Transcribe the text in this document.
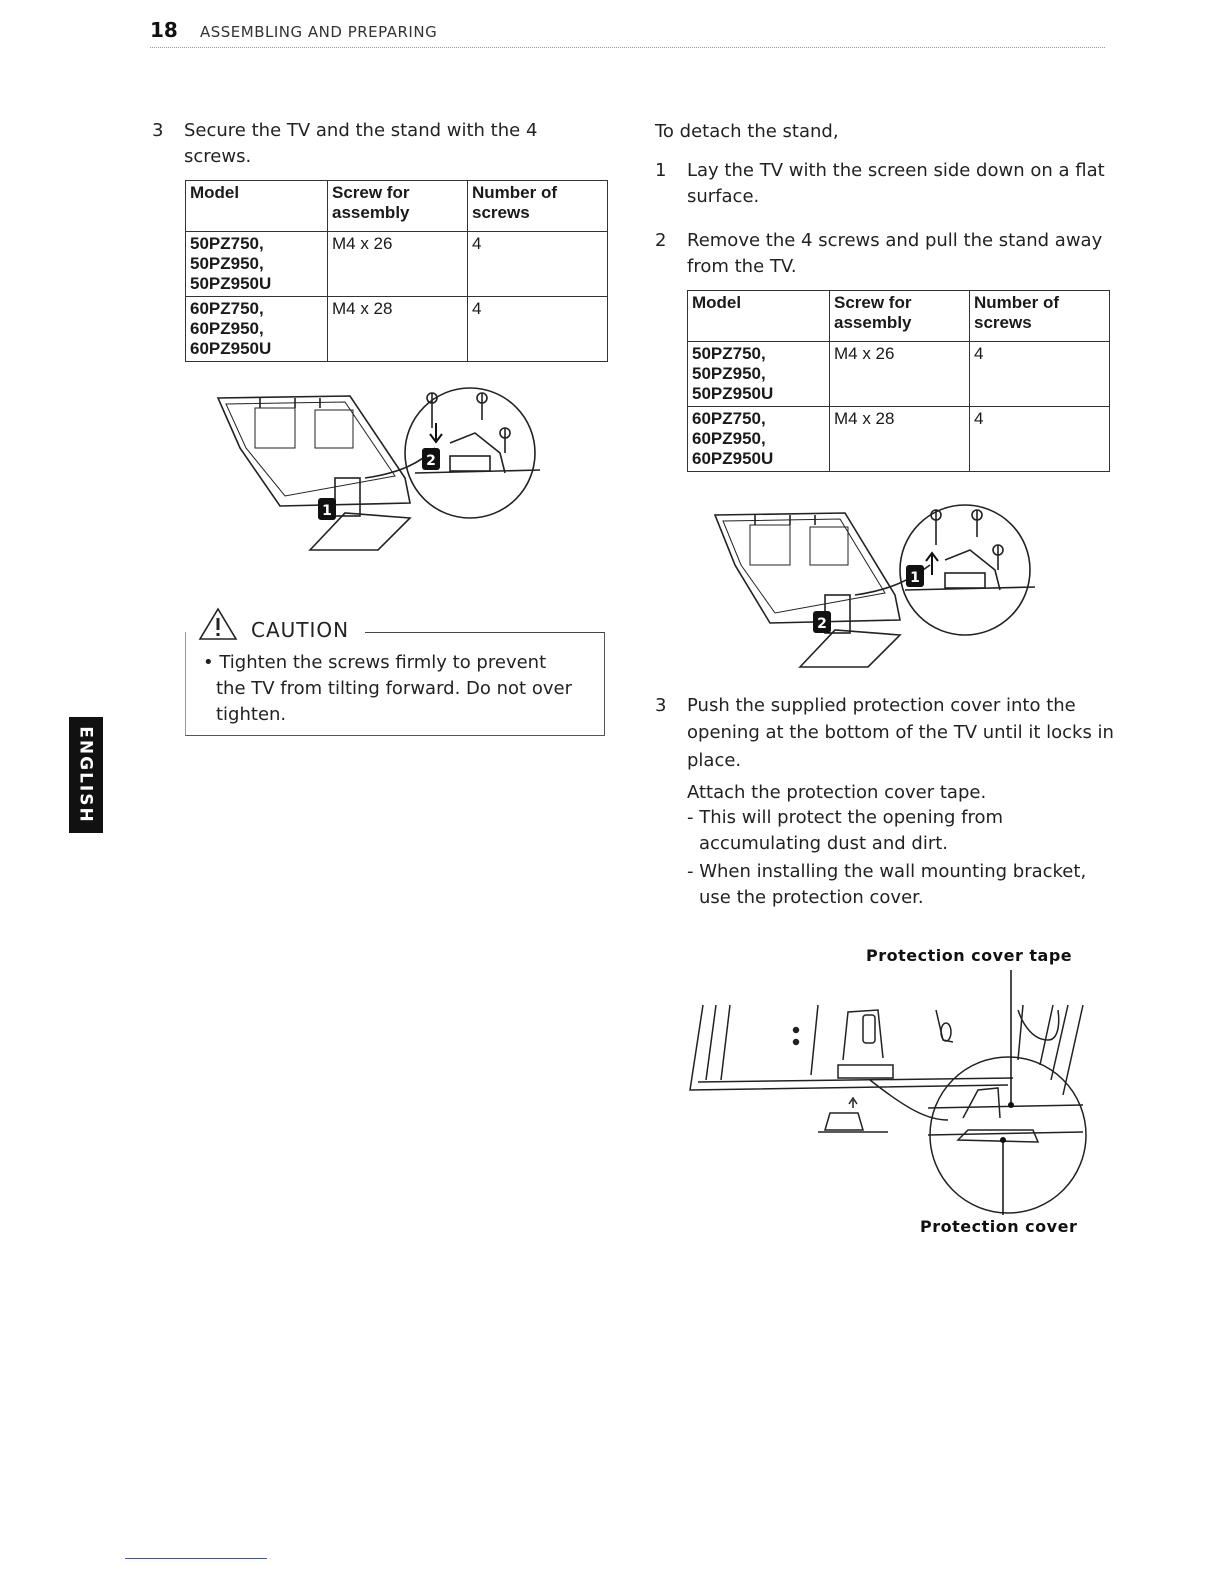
18 ASSEMBLING AND PREPARING
ENGLISH
3 Secure the TV and the stand with the 4
screws.
Model	Screw for assembly	Number of screws

50PZ750,
50PZ950,
50PZ950U	M4 x 26	4

60PZ750,
60PZ950,
60PZ950U	M4 x 28	4
1
2
CAUTION
• Tighten the screws firmly to prevent
the TV from tilting forward. Do not over
tighten.
To detach the stand,
1 Lay the TV with the screen side down on a flat
surface.
2 Remove the 4 screws and pull the stand away
from the TV.
Model	Screw for assembly	Number of screws

50PZ750,
50PZ950,
50PZ950U	M4 x 26	4

60PZ750,
60PZ950,
60PZ950U	M4 x 28	4
1
2
3 Push the supplied protection cover into the
opening at the bottom of the TV until it locks in
place.
Attach the protection cover tape.
- This will protect the opening from
accumulating dust and dirt.
- When installing the wall mounting bracket,
use the protection cover.
Protection cover tape
Protection cover
